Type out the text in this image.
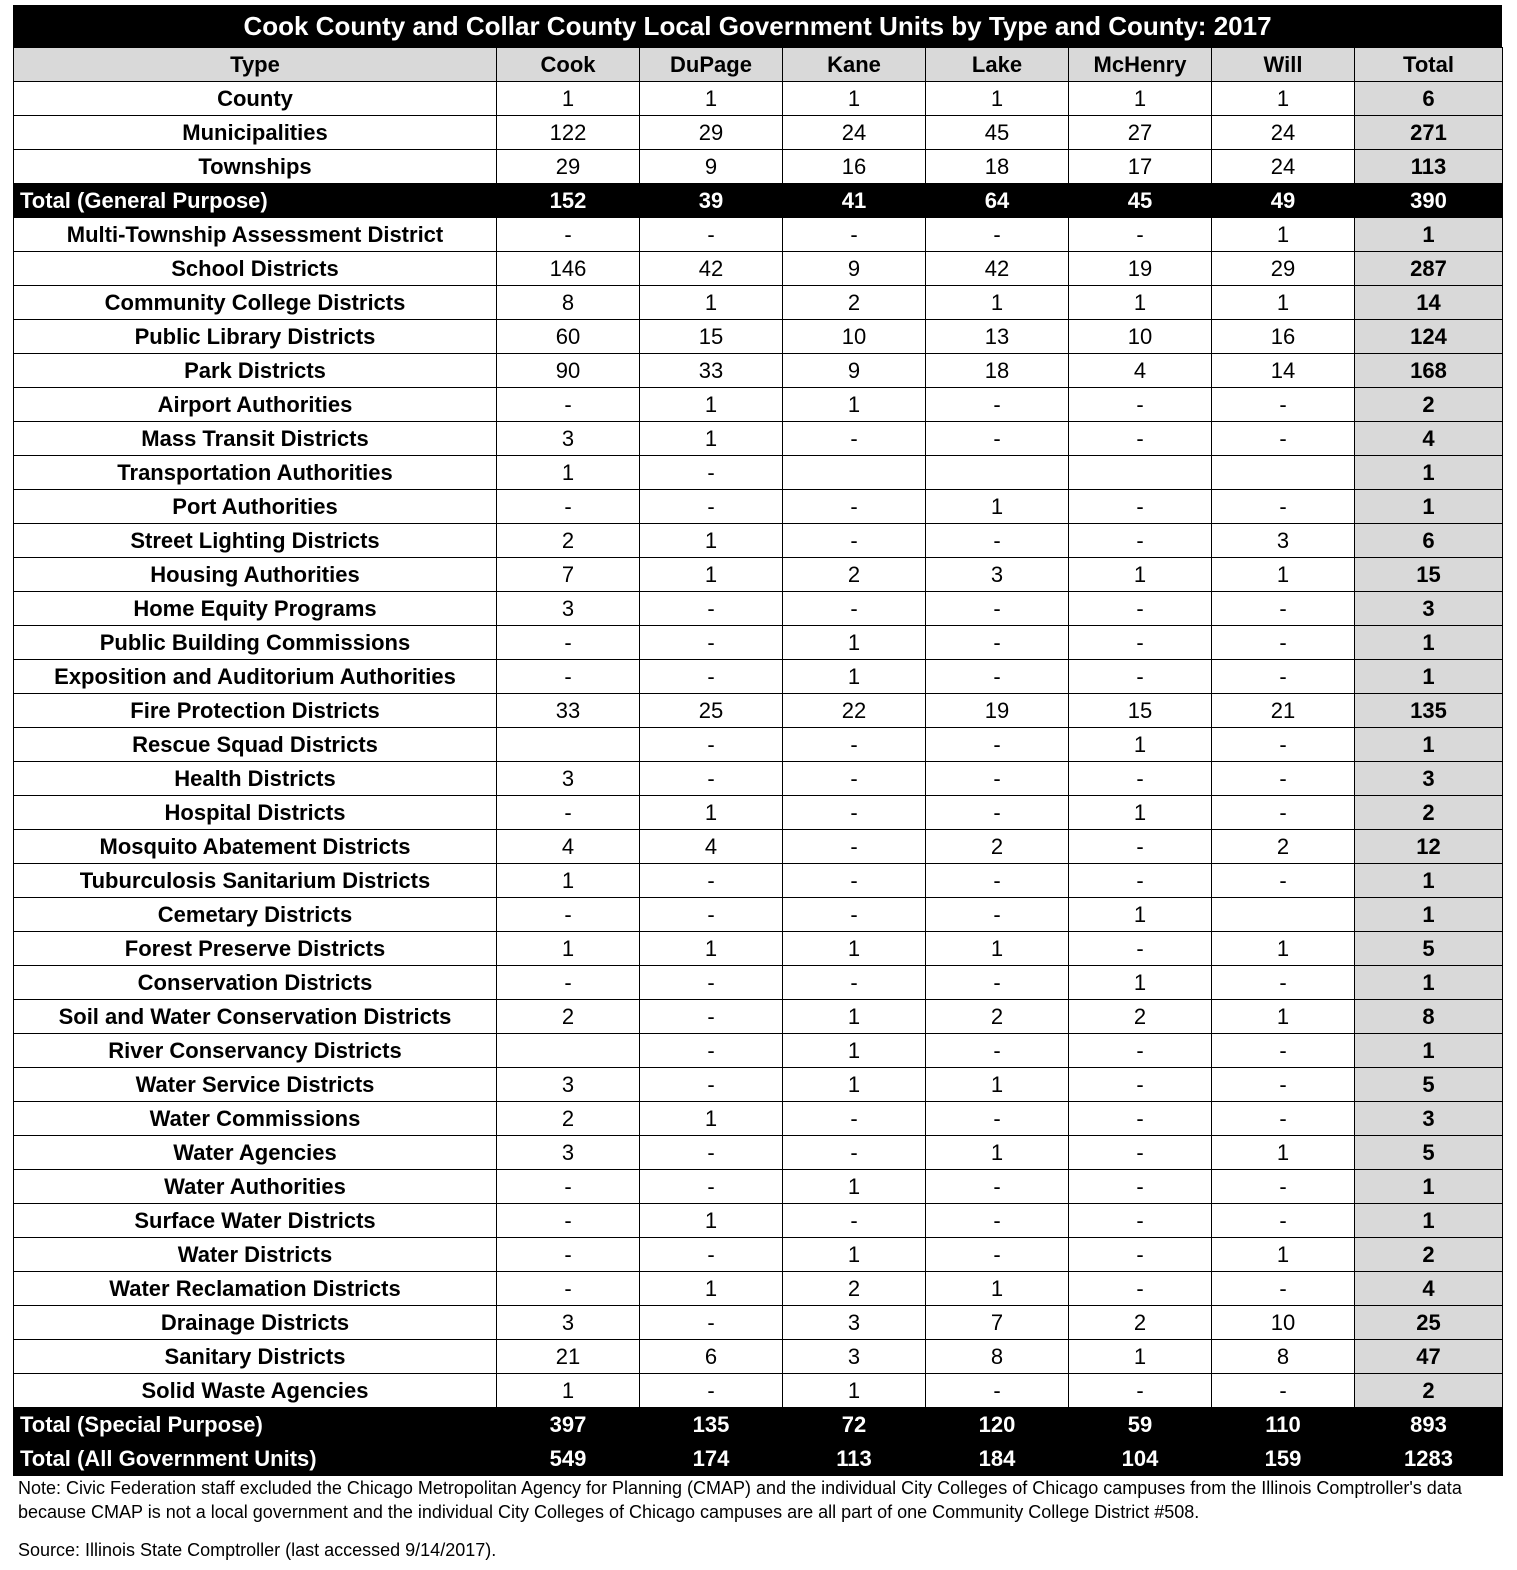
Cook County and Collar County Local Government Units by Type and County: 2017
Type	Cook	DuPage	Kane	Lake	McHenry	Will	Total
County	1	1	1	1	1	1	6
Municipalities	122	29	24	45	27	24	271
Townships	29	9	16	18	17	24	113
Total (General Purpose)	152	39	41	64	45	49	390
Multi-Township Assessment District	-	-	-	-	-	1	1
School Districts	146	42	9	42	19	29	287
Community College Districts	8	1	2	1	1	1	14
Public Library Districts	60	15	10	13	10	16	124
Park Districts	90	33	9	18	4	14	168
Airport Authorities	-	1	1	-	-	-	2
Mass Transit Districts	3	1	-	-	-	-	4
Transportation Authorities	1	-					1
Port Authorities	-	-	-	1	-	-	1
Street Lighting Districts	2	1	-	-	-	3	6
Housing Authorities	7	1	2	3	1	1	15
Home Equity Programs	3	-	-	-	-	-	3
Public Building Commissions	-	-	1	-	-	-	1
Exposition and Auditorium Authorities	-	-	1	-	-	-	1
Fire Protection Districts	33	25	22	19	15	21	135
Rescue Squad Districts		-	-	-	1	-	1
Health Districts	3	-	-	-	-	-	3
Hospital Districts	-	1	-	-	1	-	2
Mosquito Abatement Districts	4	4	-	2	-	2	12
Tuburculosis Sanitarium Districts	1	-	-	-	-	-	1
Cemetary Districts	-	-	-	-	1		1
Forest Preserve Districts	1	1	1	1	-	1	5
Conservation Districts	-	-	-	-	1	-	1
Soil and Water Conservation Districts	2	-	1	2	2	1	8
River Conservancy Districts		-	1	-	-	-	1
Water Service Districts	3	-	1	1	-	-	5
Water Commissions	2	1	-	-	-	-	3
Water Agencies	3	-	-	1	-	1	5
Water Authorities	-	-	1	-	-	-	1
Surface Water Districts	-	1	-	-	-	-	1
Water Districts	-	-	1	-	-	1	2
Water Reclamation Districts	-	1	2	1	-	-	4
Drainage Districts	3	-	3	7	2	10	25
Sanitary Districts	21	6	3	8	1	8	47
Solid Waste Agencies	1	-	1	-	-	-	2
Total (Special Purpose)	397	135	72	120	59	110	893
Total (All Government Units)	549	174	113	184	104	159	1283

Note: Civic Federation staff excluded the Chicago Metropolitan Agency for Planning (CMAP) and the individual City Colleges of Chicago campuses from the Illinois Comptroller's data because CMAP is not a local government and the individual City Colleges of Chicago campuses are all part of one Community College District #508.

Source: Illinois State Comptroller (last accessed 9/14/2017).
